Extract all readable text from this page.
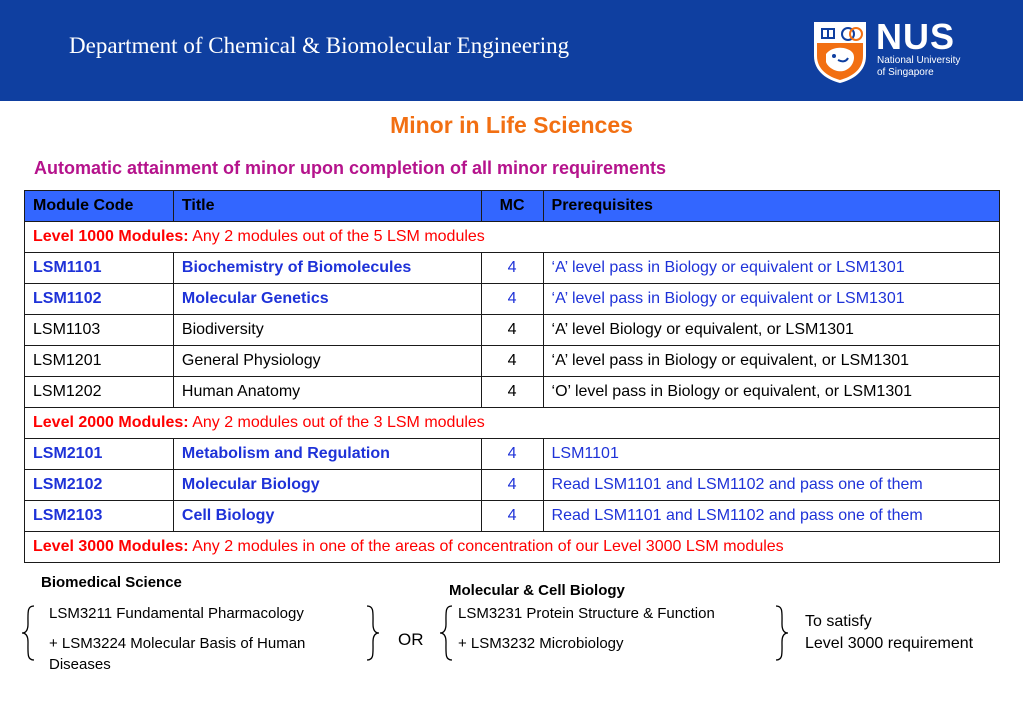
Department of Chemical & Biomolecular Engineering	NUS
National University
of Singapore
Minor in Life Sciences
Automatic attainment of minor upon completion of all minor requirements
Module Code	Title	MC	Prerequisites
Level 1000 Modules: Any 2 modules out of the 5 LSM modules			
LSM1101	Biochemistry of Biomolecules	4	‘A’ level pass in Biology or equivalent or LSM1301
LSM1102	Molecular Genetics	4	‘A’ level pass in Biology or equivalent or LSM1301
LSM1103	Biodiversity	4	‘A’ level Biology or equivalent, or LSM1301
LSM1201	General Physiology	4	‘A’ level pass in Biology or equivalent, or LSM1301
LSM1202	Human Anatomy	4	‘O’ level pass in Biology or equivalent, or LSM1301
Level 2000 Modules: Any 2 modules out of the 3 LSM modules			
LSM2101	Metabolism and Regulation	4	LSM1101
LSM2102	Molecular Biology	4	Read LSM1101 and LSM1102 and pass one of them
LSM2103	Cell Biology	4	Read LSM1101 and LSM1102 and pass one of them
Level 3000 Modules: Any 2 modules in one of the areas of concentration of our Level 3000 LSM modules			
Biomedical Science
LSM3211 Fundamental Pharmacology
+ LSM3224 Molecular Basis of Human
Diseases
OR
Molecular & Cell Biology
LSM3231 Protein Structure & Function
+ LSM3232 Microbiology
To satisfy
Level 3000 requirement
